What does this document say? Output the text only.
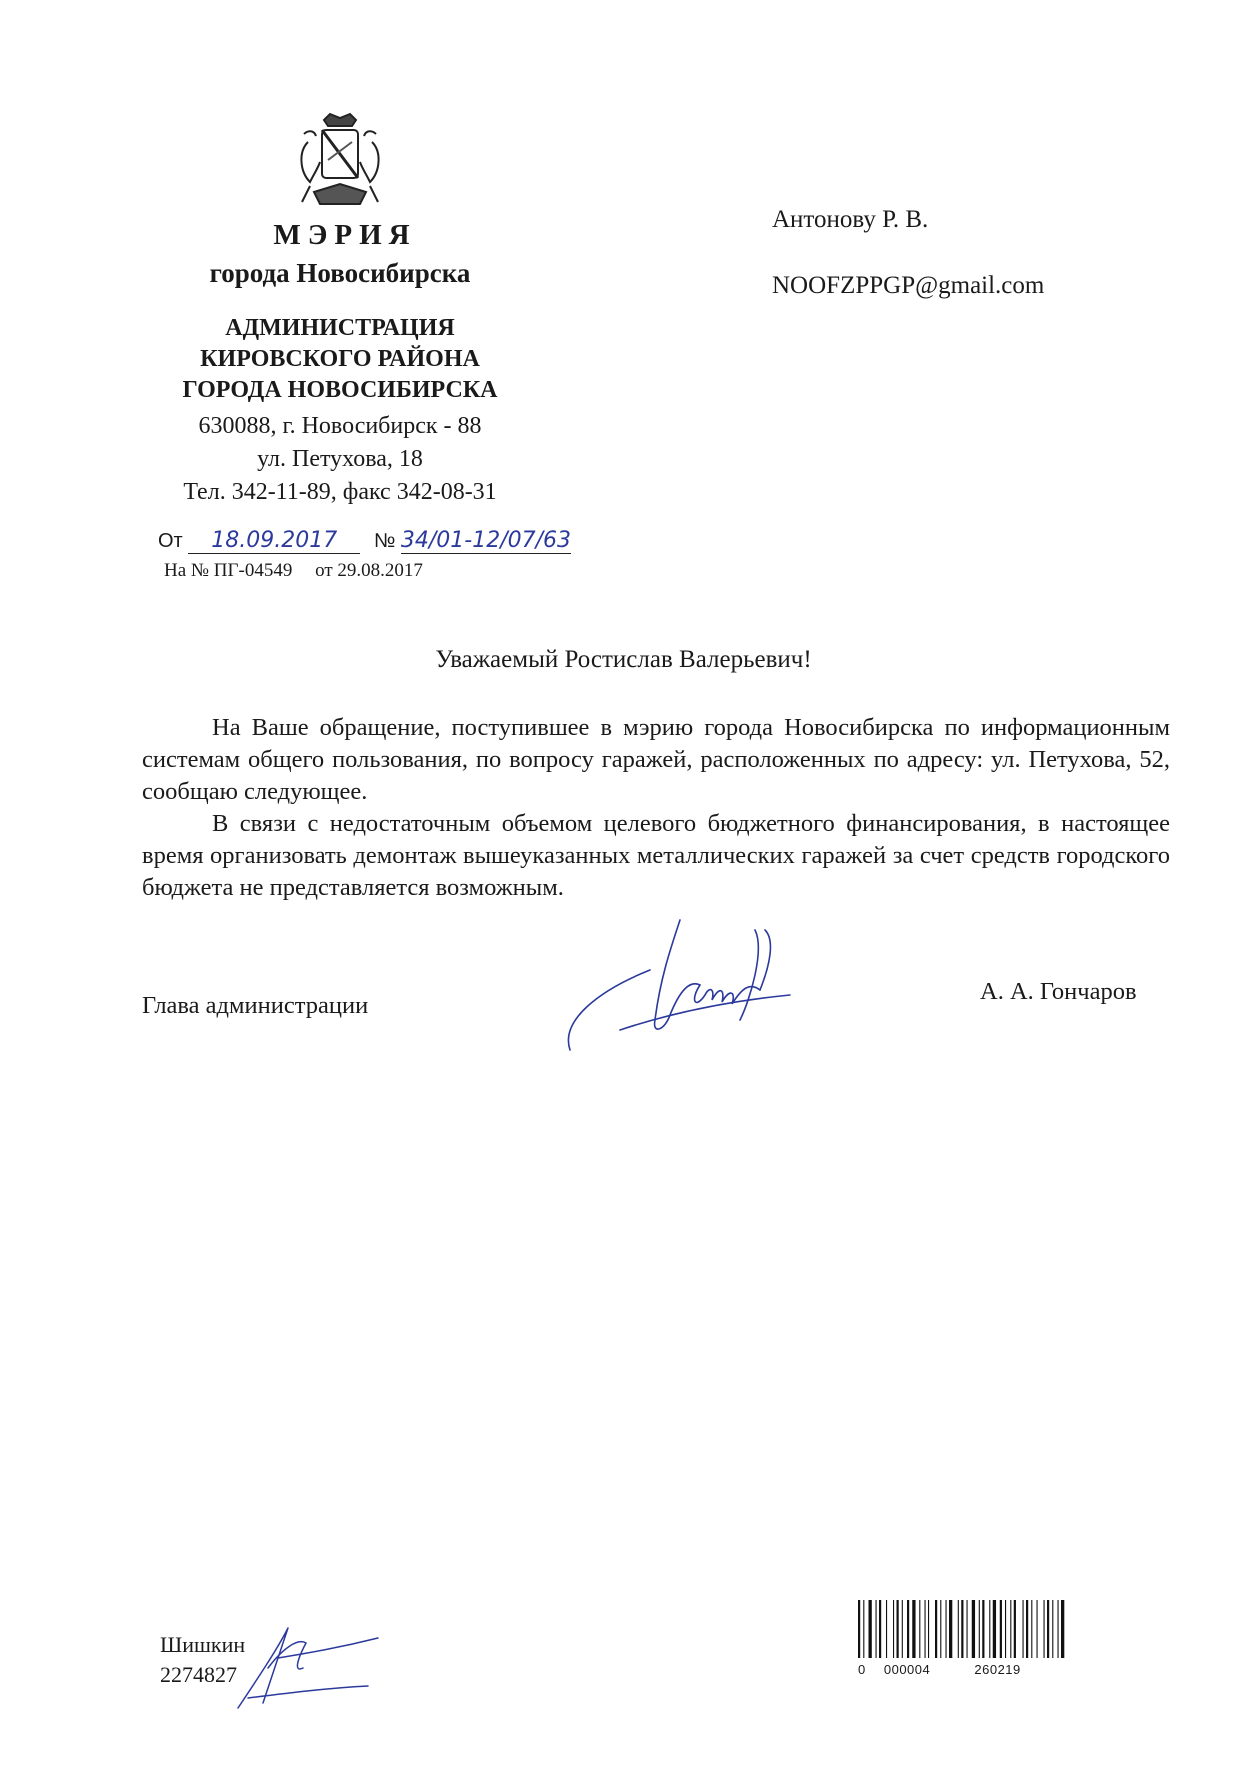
МЭРИЯ
города Новосибирска
АДМИНИСТРАЦИЯ
КИРОВСКОГО РАЙОНА
ГОРОДА НОВОСИБИРСКА
630088, г. Новосибирск - 88
ул. Петухова, 18
Тел. 342-11-89, факс 342-08-31
От 18.09.2017 № 34/01-12/07/63
На № ПГ-04549 от 29.08.2017
Антонову Р. В.
NOOFZPPGP@gmail.com
Уважаемый Ростислав Валерьевич!

На Ваше обращение, поступившее в мэрию города Новосибирска по информационным системам общего пользования, по вопросу гаражей, расположенных по адресу: ул. Петухова, 52, сообщаю следующее.

В связи с недостаточным объемом целевого бюджетного финансирования, в настоящее время организовать демонтаж вышеуказанных металлических гаражей за счет средств городского бюджета не представляется возможным.

Глава администрации
А. А. Гончаров
Шишкин
2274827	0 000004	260219
